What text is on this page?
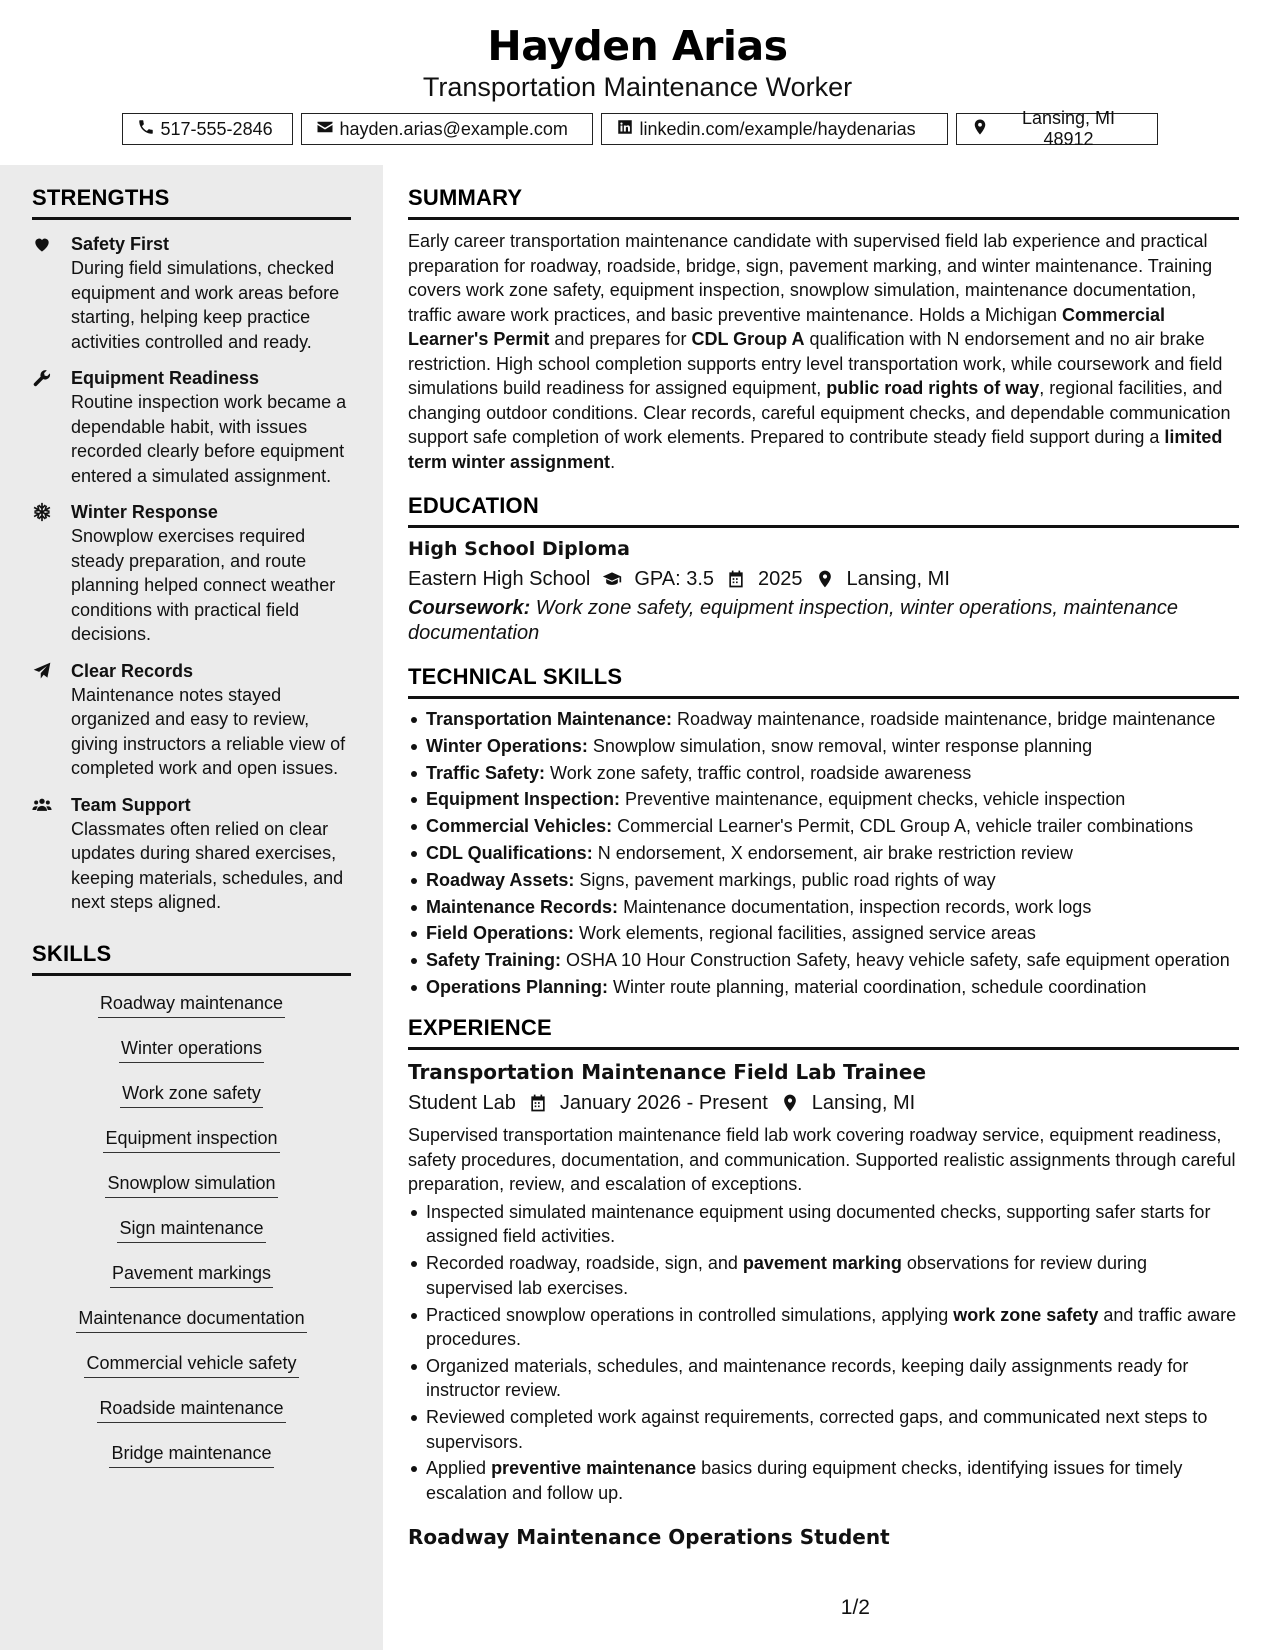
Hayden Arias
Transportation Maintenance Worker
517-555-2846	hayden.arias@example.com	linkedin.com/example/haydenarias
Lansing, MI 48912
STRENGTHS
Safety First
During field simulations, checked equipment and work areas before starting, helping keep practice activities controlled and ready.
Equipment Readiness
Routine inspection work became a dependable habit, with issues recorded clearly before equipment entered a simulated assignment.
Winter Response
Snowplow exercises required steady preparation, and route planning helped connect weather conditions with practical field decisions.
Clear Records
Maintenance notes stayed organized and easy to review, giving instructors a reliable view of completed work and open issues.
Team Support
Classmates often relied on clear updates during shared exercises, keeping materials, schedules, and next steps aligned.
SKILLS
Roadway maintenance
Winter operations
Work zone safety
Equipment inspection
Snowplow simulation
Sign maintenance
Pavement markings
Maintenance documentation
Commercial vehicle safety
Roadside maintenance
Bridge maintenance
SUMMARY
Early career transportation maintenance candidate with supervised field lab experience and practical preparation for roadway, roadside, bridge, sign, pavement marking, and winter maintenance. Training covers work zone safety, equipment inspection, snowplow simulation, maintenance documentation, traffic aware work practices, and basic preventive maintenance. Holds a Michigan Commercial Learner's Permit and prepares for CDL Group A qualification with N endorsement and no air brake restriction. High school completion supports entry level transportation work, while coursework and field simulations build readiness for assigned equipment, public road rights of way, regional facilities, and changing outdoor conditions. Clear records, careful equipment checks, and dependable communication support safe completion of work elements. Prepared to contribute steady field support during a limited term winter assignment.
EDUCATION
High School Diploma
Eastern High School GPA: 3.5 2025 Lansing, MI
Coursework: Work zone safety, equipment inspection, winter operations, maintenance documentation
TECHNICAL SKILLS
Transportation Maintenance: Roadway maintenance, roadside maintenance, bridge maintenance
Winter Operations: Snowplow simulation, snow removal, winter response planning
Traffic Safety: Work zone safety, traffic control, roadside awareness
Equipment Inspection: Preventive maintenance, equipment checks, vehicle inspection
Commercial Vehicles: Commercial Learner's Permit, CDL Group A, vehicle trailer combinations
CDL Qualifications: N endorsement, X endorsement, air brake restriction review
Roadway Assets: Signs, pavement markings, public road rights of way
Maintenance Records: Maintenance documentation, inspection records, work logs
Field Operations: Work elements, regional facilities, assigned service areas
Safety Training: OSHA 10 Hour Construction Safety, heavy vehicle safety, safe equipment operation
Operations Planning: Winter route planning, material coordination, schedule coordination
EXPERIENCE
Transportation Maintenance Field Lab Trainee
Student Lab January 2026 - Present Lansing, MI
Supervised transportation maintenance field lab work covering roadway service, equipment readiness, safety procedures, documentation, and communication. Supported realistic assignments through careful preparation, review, and escalation of exceptions.
Inspected simulated maintenance equipment using documented checks, supporting safer starts for assigned field activities.
Recorded roadway, roadside, sign, and pavement marking observations for review during supervised lab exercises.
Practiced snowplow operations in controlled simulations, applying work zone safety and traffic aware procedures.
Organized materials, schedules, and maintenance records, keeping daily assignments ready for instructor review.
Reviewed completed work against requirements, corrected gaps, and communicated next steps to supervisors.
Applied preventive maintenance basics during equipment checks, identifying issues for timely escalation and follow up.
Roadway Maintenance Operations Student
1/2
